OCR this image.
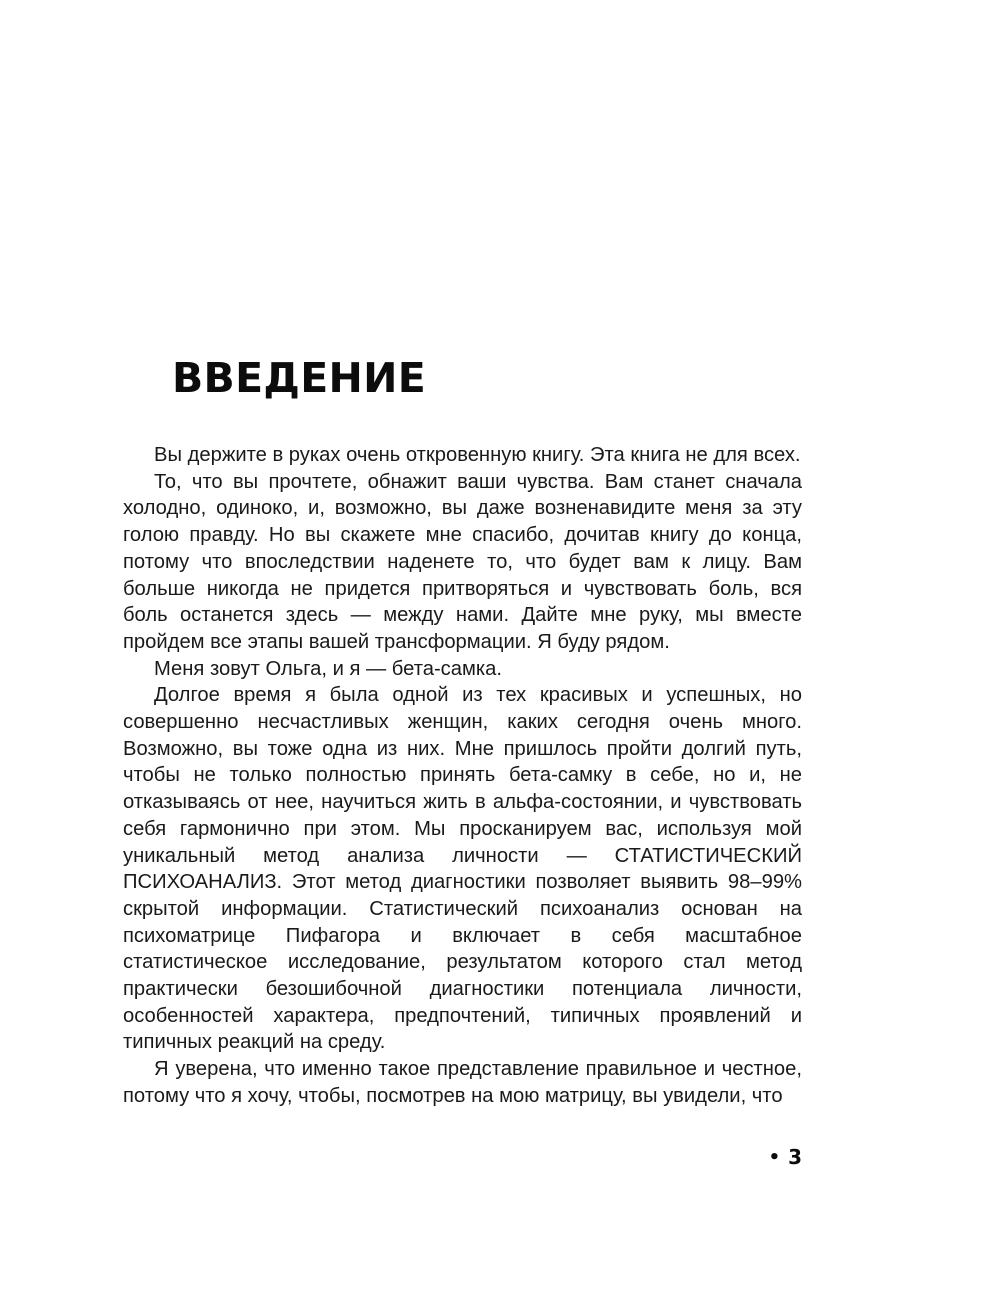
ВВЕДЕНИЕ

Вы держите в руках очень откровенную книгу. Эта книга не для всех.

То, что вы прочтете, обнажит ваши чувства. Вам станет сначала холодно, одиноко, и, возможно, вы даже возненавидите меня за эту голою правду. Но вы скажете мне спасибо, дочитав книгу до конца, потому что впоследствии наденете то, что будет вам к лицу. Вам больше никогда не придется притворяться и чувствовать боль, вся боль останется здесь — между нами. Дайте мне руку, мы вместе пройдем все этапы вашей трансформации. Я буду рядом.

Меня зовут Ольга, и я — бета-самка.

Долгое время я была одной из тех красивых и успешных, но совершенно несчастливых женщин, каких сегодня очень много. Возможно, вы тоже одна из них. Мне пришлось пройти долгий путь, чтобы не только полностью принять бета-самку в себе, но и, не отказываясь от нее, научиться жить в альфа-состоянии, и чувствовать себя гармонично при этом. Мы просканируем вас, используя мой уникальный метод анализа личности — СТАТИСТИЧЕСКИЙ ПСИХОАНАЛИЗ. Этот метод диагностики позволяет выявить 98–99% скрытой информации. Статистический психоанализ основан на психоматрице Пифагора и включает в себя масштабное статистическое исследование, результатом которого стал метод практически безошибочной диагностики потенциала личности, особенностей характера, предпочтений, типичных проявлений и типичных реакций на среду.

Я уверена, что именно такое представление правильное и честное, потому что я хочу, чтобы, посмотрев на мою матрицу, вы увидели, что

• 3
